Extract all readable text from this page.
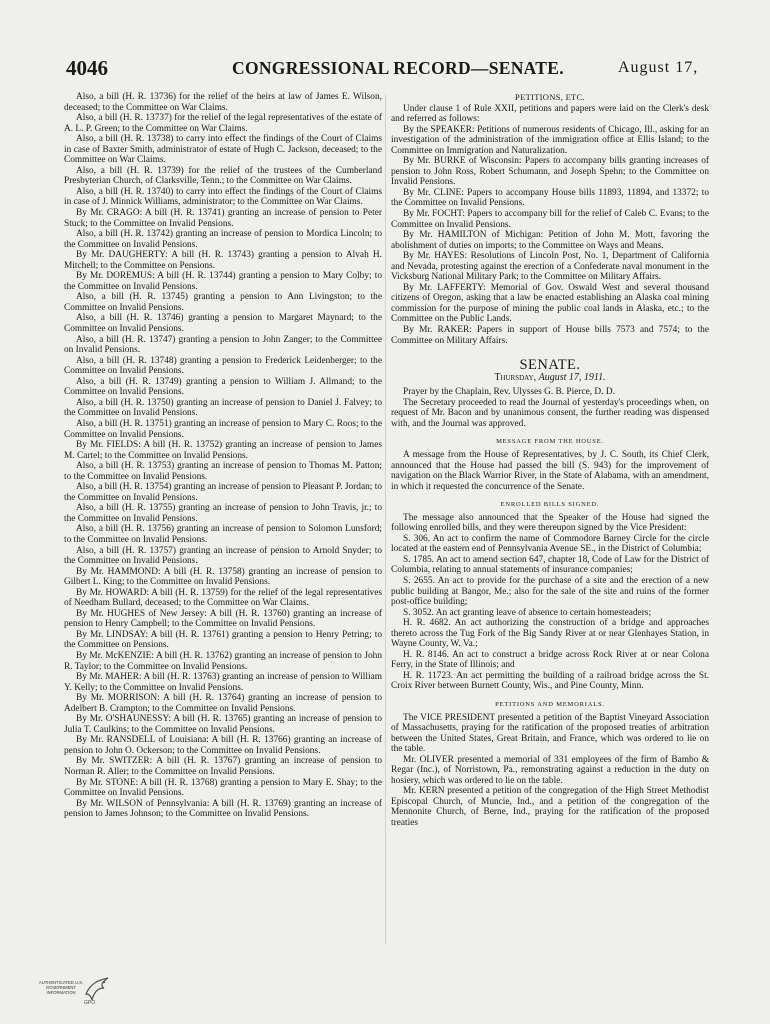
4046	CONGRESSIONAL RECORD—SENATE.	August 17,

Also, a bill (H. R. 13736) for the relief of the heirs at law of James E. Wilson, deceased; to the Committee on War Claims.

Also, a bill (H. R. 13737) for the relief of the legal representatives of the estate of A. L. P. Green; to the Committee on War Claims.

Also, a bill (H. R. 13738) to carry into effect the findings of the Court of Claims in case of Baxter Smith, administrator of estate of Hugh C. Jackson, deceased; to the Committee on War Claims.

Also, a bill (H. R. 13739) for the relief of the trustees of the Cumberland Presbyterian Church, of Clarksville, Tenn.; to the Committee on War Claims.

Also, a bill (H. R. 13740) to carry into effect the findings of the Court of Claims in case of J. Minnick Williams, administrator; to the Committee on War Claims.

By Mr. CRAGO: A bill (H. R. 13741) granting an increase of pension to Peter Stuck; to the Committee on Invalid Pensions.

Also, a bill (H. R. 13742) granting an increase of pension to Mordica Lincoln; to the Committee on Invalid Pensions.

By Mr. DAUGHERTY: A bill (H. R. 13743) granting a pension to Alvah H. Mitchell; to the Committee on Pensions.

By Mr. DOREMUS: A bill (H. R. 13744) granting a pension to Mary Colby; to the Committee on Invalid Pensions.

Also, a bill (H. R. 13745) granting a pension to Ann Livingston; to the Committee on Invalid Pensions.

Also, a bill (H. R. 13746) granting a pension to Margaret Maynard; to the Committee on Invalid Pensions.

Also, a bill (H. R. 13747) granting a pension to John Zanger; to the Committee on Invalid Pensions.

Also, a bill (H. R. 13748) granting a pension to Frederick Leidenberger; to the Committee on Invalid Pensions.

Also, a bill (H. R. 13749) granting a pension to William J. Allmand; to the Committee on Invalid Pensions.

Also, a bill (H. R. 13750) granting an increase of pension to Daniel J. Falvey; to the Committee on Invalid Pensions.

Also, a bill (H. R. 13751) granting an increase of pension to Mary C. Roos; to the Committee on Invalid Pensions.

By Mr. FIELDS: A bill (H. R. 13752) granting an increase of pension to James M. Cartel; to the Committee on Invalid Pensions.

Also, a bill (H. R. 13753) granting an increase of pension to Thomas M. Patton; to the Committee on Invalid Pensions.

Also, a bill (H. R. 13754) granting an increase of pension to Pleasant P. Jordan; to the Committee on Invalid Pensions.

Also, a bill (H. R. 13755) granting an increase of pension to John Travis, jr.; to the Committee on Invalid Pensions.

Also, a bill (H. R. 13756) granting an increase of pension to Solomon Lunsford; to the Committee on Invalid Pensions.

Also, a bill (H. R. 13757) granting an increase of pension to Arnold Snyder; to the Committee on Invalid Pensions.

By Mr. HAMMOND: A bill (H. R. 13758) granting an increase of pension to Gilbert L. King; to the Committee on Invalid Pensions.

By Mr. HOWARD: A bill (H. R. 13759) for the relief of the legal representatives of Needham Bullard, deceased; to the Committee on War Claims.

By Mr. HUGHES of New Jersey: A bill (H. R. 13760) granting an increase of pension to Henry Campbell; to the Committee on Invalid Pensions.

By Mr. LINDSAY: A bill (H. R. 13761) granting a pension to Henry Petring; to the Committee on Pensions.

By Mr. McKENZIE: A bill (H. R. 13762) granting an increase of pension to John R. Taylor; to the Committee on Invalid Pensions.

By Mr. MAHER: A bill (H. R. 13763) granting an increase of pension to William Y. Kelly; to the Committee on Invalid Pensions.

By Mr. MORRISON: A bill (H. R. 13764) granting an increase of pension to Adelbert B. Crampton; to the Committee on Invalid Pensions.

By Mr. O'SHAUNESSY: A bill (H. R. 13765) granting an increase of pension to Julia T. Caulkins; to the Committee on Invalid Pensions.

By Mr. RANSDELL of Louisiana: A bill (H. R. 13766) granting an increase of pension to John O. Ockerson; to the Committee on Invalid Pensions.

By Mr. SWITZER: A bill (H. R. 13767) granting an increase of pension to Norman R. Aller; to the Committee on Invalid Pensions.

By Mr. STONE: A bill (H. R. 13768) granting a pension to Mary E. Shay; to the Committee on Invalid Pensions.

By Mr. WILSON of Pennsylvania: A bill (H. R. 13769) granting an increase of pension to James Johnson; to the Committee on Invalid Pensions.

PETITIONS, ETC.

Under clause 1 of Rule XXII, petitions and papers were laid on the Clerk's desk and referred as follows:

By the SPEAKER: Petitions of numerous residents of Chicago, Ill., asking for an investigation of the administration of the immigration office at Ellis Island; to the Committee on Immigration and Naturalization.

By Mr. BURKE of Wisconsin: Papers to accompany bills granting increases of pension to John Ross, Robert Schumann, and Joseph Spehn; to the Committee on Invalid Pensions.

By Mr. CLINE: Papers to accompany House bills 11893, 11894, and 13372; to the Committee on Invalid Pensions.

By Mr. FOCHT: Papers to accompany bill for the relief of Caleb C. Evans; to the Committee on Invalid Pensions.

By Mr. HAMILTON of Michigan: Petition of John M. Mott, favoring the abolishment of duties on imports; to the Committee on Ways and Means.

By Mr. HAYES: Resolutions of Lincoln Post, No. 1, Department of California and Nevada, protesting against the erection of a Confederate naval monument in the Vicksburg National Military Park; to the Committee on Military Affairs.

By Mr. LAFFERTY: Memorial of Gov. Oswald West and several thousand citizens of Oregon, asking that a law be enacted establishing an Alaska coal mining commission for the purpose of mining the public coal lands in Alaska, etc.; to the Committee on the Public Lands.

By Mr. RAKER: Papers in support of House bills 7573 and 7574; to the Committee on Military Affairs.

SENATE.

Thursday, August 17, 1911.

Prayer by the Chaplain, Rev. Ulysses G. B. Pierce, D. D.

The Secretary proceeded to read the Journal of yesterday's proceedings when, on request of Mr. Bacon and by unanimous consent, the further reading was dispensed with, and the Journal was approved.

MESSAGE FROM THE HOUSE.

A message from the House of Representatives, by J. C. South, its Chief Clerk, announced that the House had passed the bill (S. 943) for the improvement of navigation on the Black Warrior River, in the State of Alabama, with an amendment, in which it requested the concurrence of the Senate.

ENROLLED BILLS SIGNED.

The message also announced that the Speaker of the House had signed the following enrolled bills, and they were thereupon signed by the Vice President:

S. 306. An act to confirm the name of Commodore Barney Circle for the circle located at the eastern end of Pennsylvania Avenue SE., in the District of Columbia;

S. 1785. An act to amend section 647, chapter 18, Code of Law for the District of Columbia, relating to annual statements of insurance companies;

S. 2655. An act to provide for the purchase of a site and the erection of a new public building at Bangor, Me.; also for the sale of the site and ruins of the former post-office building;

S. 3052. An act granting leave of absence to certain homesteaders;

H. R. 4682. An act authorizing the construction of a bridge and approaches thereto across the Tug Fork of the Big Sandy River at or near Glenhayes Station, in Wayne County, W. Va.;

H. R. 8146. An act to construct a bridge across Rock River at or near Colona Ferry, in the State of Illinois; and

H. R. 11723. An act permitting the building of a railroad bridge across the St. Croix River between Burnett County, Wis., and Pine County, Minn.

PETITIONS AND MEMORIALS.

The VICE PRESIDENT presented a petition of the Baptist Vineyard Association of Massachusetts, praying for the ratification of the proposed treaties of arbitration between the United States, Great Britain, and France, which was ordered to lie on the table.

Mr. OLIVER presented a memorial of 331 employees of the firm of Bambo & Regar (Inc.), of Norristown, Pa., remonstrating against a reduction in the duty on hosiery, which was ordered to lie on the table.

Mr. KERN presented a petition of the congregation of the High Street Methodist Episcopal Church, of Muncie, Ind., and a petition of the congregation of the Mennonite Church, of Berne, Ind., praying for the ratification of the proposed treaties

AUTHENTICATED U.S. GOVERNMENT INFORMATION
GPO
